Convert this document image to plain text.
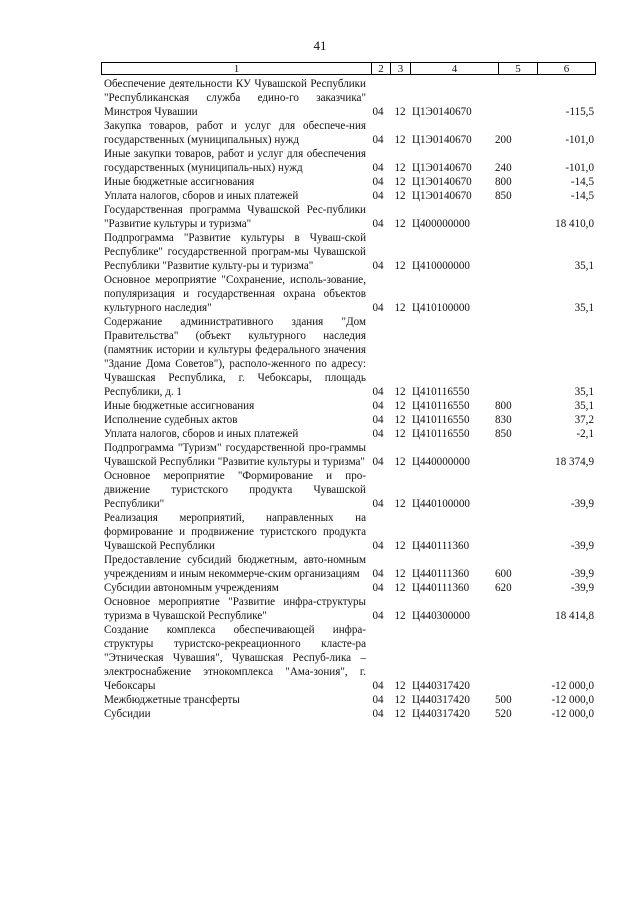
41
1	2	3	4	5	6
Обеспечение деятельности КУ Чувашской Республики "Республиканская служба едино-го заказчика" Минстроя Чувашии	04 12 Ц1Э0140670	-115,5
Закупка товаров, работ и услуг для обеспече-ния государственных (муниципальных) нужд	04 12 Ц1Э0140670	200	-101,0
Иные закупки товаров, работ и услуг для обеспечения государственных (муниципаль-ных) нужд	04 12 Ц1Э0140670	240	-101,0
Иные бюджетные ассигнования	04 12 Ц1Э0140670	800	-14,5
Уплата налогов, сборов и иных платежей	04 12 Ц1Э0140670	850	-14,5
Государственная программа Чувашской Рес-публики "Развитие культуры и туризма"	04 12 Ц400000000	18 410,0
Подпрограмма "Развитие культуры в Чуваш-ской Республике" государственной програм-мы Чувашской Республики "Развитие культу-ры и туризма"	04 12 Ц410000000	35,1
Основное мероприятие "Сохранение, исполь-зование, популяризация и государственная охрана объектов культурного наследия"	04 12 Ц410100000	35,1
Содержание административного здания "Дом Правительства" (объект культурного наследия (памятник истории и культуры федерального значения "Здание Дома Советов"), располо-женного по адресу: Чувашская Республика, г. Чебоксары, площадь Республики, д. 1	04 12 Ц410116550	35,1
Иные бюджетные ассигнования	04 12 Ц410116550	800	35,1
Исполнение судебных актов	04 12 Ц410116550	830	37,2
Уплата налогов, сборов и иных платежей	04 12 Ц410116550	850	-2,1
Подпрограмма "Туризм" государственной про-граммы Чувашской Республики "Развитие культуры и туризма" 04 12 Ц440000000	18 374,9
Основное мероприятие "Формирование и про-движение туристского продукта Чувашской Республики"	04 12 Ц440100000	-39,9
Реализация мероприятий, направленных на формирование и продвижение туристского продукта Чувашской Республики	04 12 Ц440111360	-39,9
Предоставление субсидий бюджетным, авто-номным учреждениям и иным некоммерче-ским организациям	04 12 Ц440111360	600	-39,9
Субсидии автономным учреждениям	04 12 Ц440111360	620	-39,9
Основное мероприятие "Развитие инфра-структуры туризма в Чувашской Республике"	04 12 Ц440300000	18 414,8
Создание комплекса обеспечивающей инфра-структуры туристско-рекреационного класте-ра "Этническая Чувашия", Чувашская Респуб-лика – электроснабжение этнокомплекса "Ама-зония", г. Чебоксары	04 12 Ц440317420	-12 000,0
Межбюджетные трансферты	04 12 Ц440317420	500	-12 000,0
Субсидии	04 12 Ц440317420	520	-12 000,0
